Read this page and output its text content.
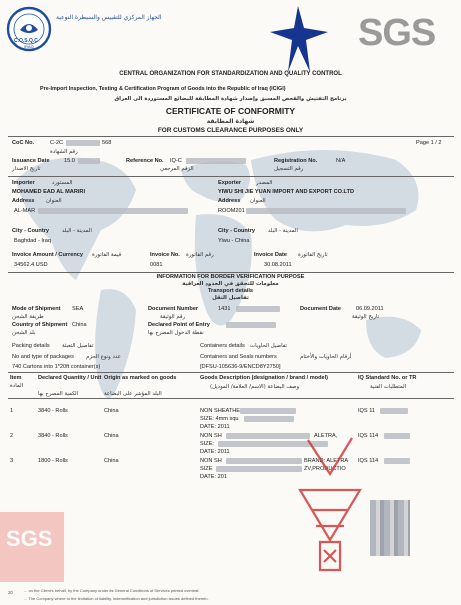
C.O.S.Q.C
IRAQ
الجهاز المركزي للتقييس والسيطرة النوعية	SGS
CENTRAL ORGANIZATION FOR STANDARDIZATION AND QUALITY CONTROL
Pre-Import Inspection, Testing & Certification Program of Goods into the Republic of Iraq (ICIGI)
برنامج التفتيش والفحص المسبق وإصدار شهادة المطابقة للبضائع المستوردة الى العراق
CERTIFICATE OF CONFORMITY
شهادة المطابقة
FOR CUSTOMS CLEARANCE PURPOSES ONLY
Page 1 / 2
CoC No.	C-2C	568
رقم الشهادة
Issuance Date	15.0
تاريخ الاصدار
Reference No. IQ-C
الرقم المرجعي
Registration No.	N/A
رقم التسجيل
Importer	المستورد
MOHAMED EAD AL MARIRI
Address العنوان
AL-MAR
Exporter	المصدر
YIWU SHI JIE YUAN IMPORT AND EXPORT CO.LTD
Address العنوان
ROOM201
City - Country المدينة - البلد
Baghdad - Iraq
City - Country المدينة - البلد
Yiwu - China
Invoice Amount / Currency قيمة الفاتورة
34562.4 USD
Invoice No. رقم الفاتورة
0081
Invoice Date تاريخ الفاتورة
30.08.2011
INFORMATION FOR BORDER VERIFICATION PURPOSE
معلومات للتحقق في الحدود العراقية
Transport details
تفاصيل النقل
Mode of Shipment SEA
طريقة الشحن
Document Number	1431
رقم الوثيقة
Document Date	06.09.2011
تاريخ الوثيقة
Country of Shipment China
بلد الشحن
Declared Point of Entry
نقطة الدخول المصرح بها
Packing details تفاصيل التعبئة	Containers details تفاصيل الحاويات
No and type of packages عدد ونوع الحزم	Containers and Seals numbers	أرقام الحاويات والأختام
740 Cartons into 1*20ft container(s)	[DFSU-105636-9/ENCD8Y2750]
Item
المادة
Declared Quantity / Unit
الكمية المصرح بها
Origin as marked on goods
البلد المؤشر على البضاعة
Goods Description (designation / brand / model)
وصف البضاعة (الاسم/ العلامة/ الموديل)
IQ Standard No. or TR
المتطلبات الفنية
1	3840 - Rolls	China	NON SHEATHE
SIZE: 4mm squ
DATE: 2011
IQS 11
2	3840 - Rolls	China	NON SH	ALETRA,
SIZE:
DATE: 2011
IQS 114
3	1800 - Rolls	China	NON SH	BRAND: ALETRA
SIZE	ZV,PRODUCTIO
DATE: 201
IQS 114
SGS
20	... on the Client's behalf, by the Company under its General Conditions of Services printed overleaf.
... The Company where to the limitation of liability, indemnification and jurisdiction issues defined therein.
